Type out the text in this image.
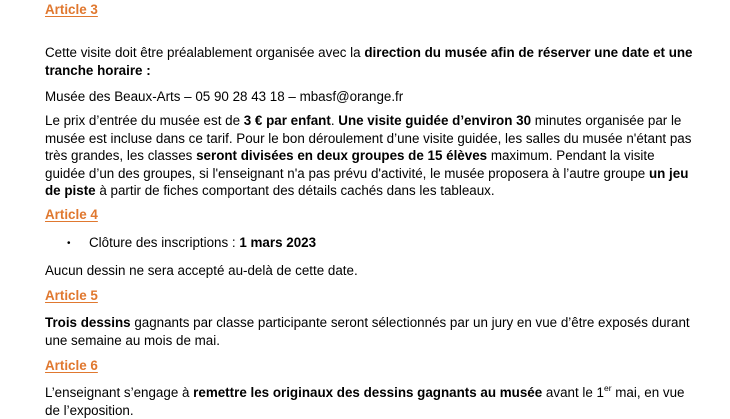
Article 3

Cette visite doit être préalablement organisée avec la direction du musée afin de réserver une date et une tranche horaire :

Musée des Beaux-Arts – 05 90 28 43 18 – mbasf@orange.fr

Le prix d’entrée du musée est de 3 € par enfant. Une visite guidée d’environ 30 minutes organisée par le musée est incluse dans ce tarif. Pour le bon déroulement d’une visite guidée, les salles du musée n'étant pas très grandes, les classes seront divisées en deux groupes de 15 élèves maximum. Pendant la visite guidée d’un des groupes, si l'enseignant n'a pas prévu d'activité, le musée proposera à l’autre groupe un jeu de piste à partir de fiches comportant des détails cachés dans les tableaux.

Article 4
• Clôture des inscriptions : 1 mars 2023

Aucun dessin ne sera accepté au-delà de cette date.

Article 5

Trois dessins gagnants par classe participante seront sélectionnés par un jury en vue d’être exposés durant une semaine au mois de mai.

Article 6

L’enseignant s’engage à remettre les originaux des dessins gagnants au musée avant le 1er mai, en vue de l’exposition.
